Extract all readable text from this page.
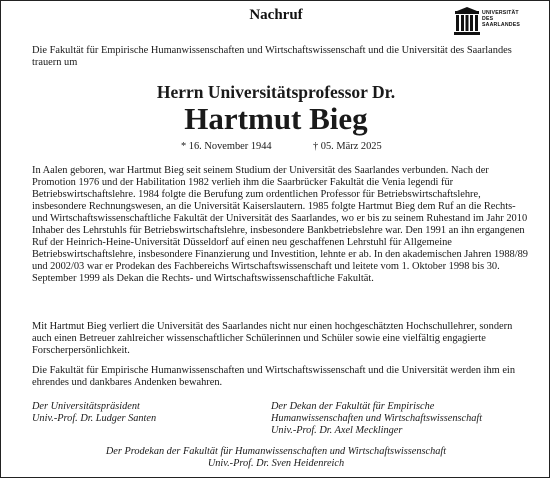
Nachruf	UNIVERSITÄT
DES
SAARLANDES
Die Fakultät für Empirische Humanwissenschaften und Wirtschaftswissenschaft und die Universität des Saarlandes trauern um
Herrn Universitätsprofessor Dr.
Hartmut Bieg
* 16. November 1944	† 05. März 2025

In Aalen geboren, war Hartmut Bieg seit seinem Studium der Universität des Saarlandes verbunden. Nach der Promotion 1976 und der Habilitation 1982 verlieh ihm die Saarbrücker Fakultät die Venia legendi für Betriebswirtschaftslehre. 1984 folgte die Berufung zum ordentlichen Professor für Betriebswirtschaftslehre, insbesondere Rechnungswesen, an die Universität Kaiserslautern. 1985 folgte Hartmut Bieg dem Ruf an die Rechts- und Wirtschaftswissenschaftliche Fakultät der Universität des Saarlandes, wo er bis zu seinem Ruhestand im Jahr 2010 Inhaber des Lehrstuhls für Betriebswirtschaftslehre, insbesondere Bankbetriebslehre war. Den 1991 an ihn ergangenen Ruf der Heinrich-Heine-Universität Düsseldorf auf einen neu geschaffenen Lehrstuhl für Allgemeine Betriebswirtschaftslehre, insbesondere Finanzierung und Investition, lehnte er ab. In den akademischen Jahren 1988/89 und 2002/03 war er Prodekan des Fachbereichs Wirtschaftswissenschaft und leitete vom 1. Oktober 1998 bis 30. September 1999 als Dekan die Rechts- und Wirtschaftswissenschaftliche Fakultät.

Mit Hartmut Bieg verliert die Universität des Saarlandes nicht nur einen hochgeschätzten Hochschullehrer, sondern auch einen Betreuer zahlreicher wissenschaftlicher Schülerinnen und Schüler sowie eine vielfältig engagierte Forscherpersönlichkeit.

Die Fakultät für Empirische Humanwissenschaften und Wirtschaftswissenschaft und die Universität werden ihm ein ehrendes und dankbares Andenken bewahren.

Der Universitätspräsident
Univ.-Prof. Dr. Ludger Santen
Der Dekan der Fakultät für Empirische
Humanwissenschaften und Wirtschaftswissenschaft
Univ.-Prof. Dr. Axel Mecklinger
Der Prodekan der Fakultät für Humanwissenschaften und Wirtschaftswissenschaft
Univ.-Prof. Dr. Sven Heidenreich
